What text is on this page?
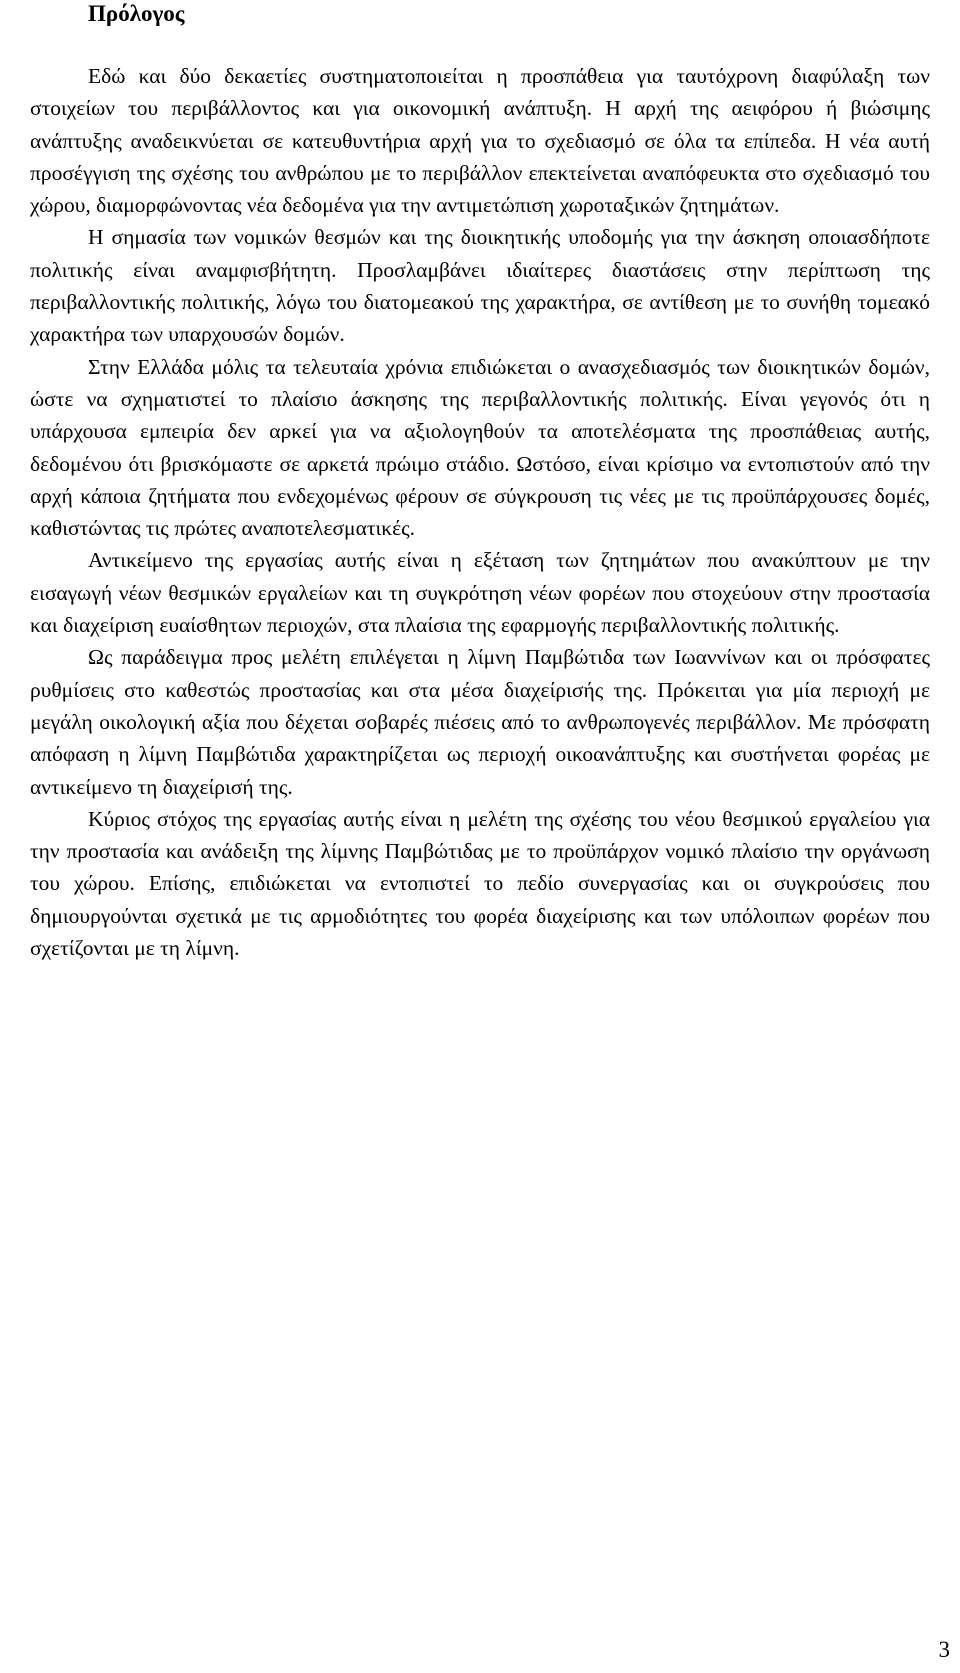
Πρόλογος

Εδώ και δύο δεκαετίες συστηματοποιείται η προσπάθεια για ταυτόχρονη διαφύλαξη των στοιχείων του περιβάλλοντος και για οικονομική ανάπτυξη. Η αρχή της αειφόρου ή βιώσιμης ανάπτυξης αναδεικνύεται σε κατευθυντήρια αρχή για το σχεδιασμό σε όλα τα επίπεδα. Η νέα αυτή προσέγγιση της σχέσης του ανθρώπου με το περιβάλλον επεκτείνεται αναπόφευκτα στο σχεδιασμό του χώρου, διαμορφώνοντας νέα δεδομένα για την αντιμετώπιση χωροταξικών ζητημάτων.

Η σημασία των νομικών θεσμών και της διοικητικής υποδομής για την άσκηση οποιασδήποτε πολιτικής είναι αναμφισβήτητη. Προσλαμβάνει ιδιαίτερες διαστάσεις στην περίπτωση της περιβαλλοντικής πολιτικής, λόγω του διατομεακού της χαρακτήρα, σε αντίθεση με το συνήθη τομεακό χαρακτήρα των υπαρχουσών δομών.

Στην Ελλάδα μόλις τα τελευταία χρόνια επιδιώκεται ο ανασχεδιασμός των διοικητικών δομών, ώστε να σχηματιστεί το πλαίσιο άσκησης της περιβαλλοντικής πολιτικής. Είναι γεγονός ότι η υπάρχουσα εμπειρία δεν αρκεί για να αξιολογηθούν τα αποτελέσματα της προσπάθειας αυτής, δεδομένου ότι βρισκόμαστε σε αρκετά πρώιμο στάδιο. Ωστόσο, είναι κρίσιμο να εντοπιστούν από την αρχή κάποια ζητήματα που ενδεχομένως φέρουν σε σύγκρουση τις νέες με τις προϋπάρχουσες δομές, καθιστώντας τις πρώτες αναποτελεσματικές.

Αντικείμενο της εργασίας αυτής είναι η εξέταση των ζητημάτων που ανακύπτουν με την εισαγωγή νέων θεσμικών εργαλείων και τη συγκρότηση νέων φορέων που στοχεύουν στην προστασία και διαχείριση ευαίσθητων περιοχών, στα πλαίσια της εφαρμογής περιβαλλοντικής πολιτικής.

Ως παράδειγμα προς μελέτη επιλέγεται η λίμνη Παμβώτιδα των Ιωαννίνων και οι πρόσφατες ρυθμίσεις στο καθεστώς προστασίας και στα μέσα διαχείρισής της. Πρόκειται για μία περιοχή με μεγάλη οικολογική αξία που δέχεται σοβαρές πιέσεις από το ανθρωπογενές περιβάλλον. Με πρόσφατη απόφαση η λίμνη Παμβώτιδα χαρακτηρίζεται ως περιοχή οικοανάπτυξης και συστήνεται φορέας με αντικείμενο τη διαχείρισή της.

Κύριος στόχος της εργασίας αυτής είναι η μελέτη της σχέσης του νέου θεσμικού εργαλείου για την προστασία και ανάδειξη της λίμνης Παμβώτιδας με το προϋπάρχον νομικό πλαίσιο την οργάνωση του χώρου. Επίσης, επιδιώκεται να εντοπιστεί το πεδίο συνεργασίας και οι συγκρούσεις που δημιουργούνται σχετικά με τις αρμοδιότητες του φορέα διαχείρισης και των υπόλοιπων φορέων που σχετίζονται με τη λίμνη.

3
